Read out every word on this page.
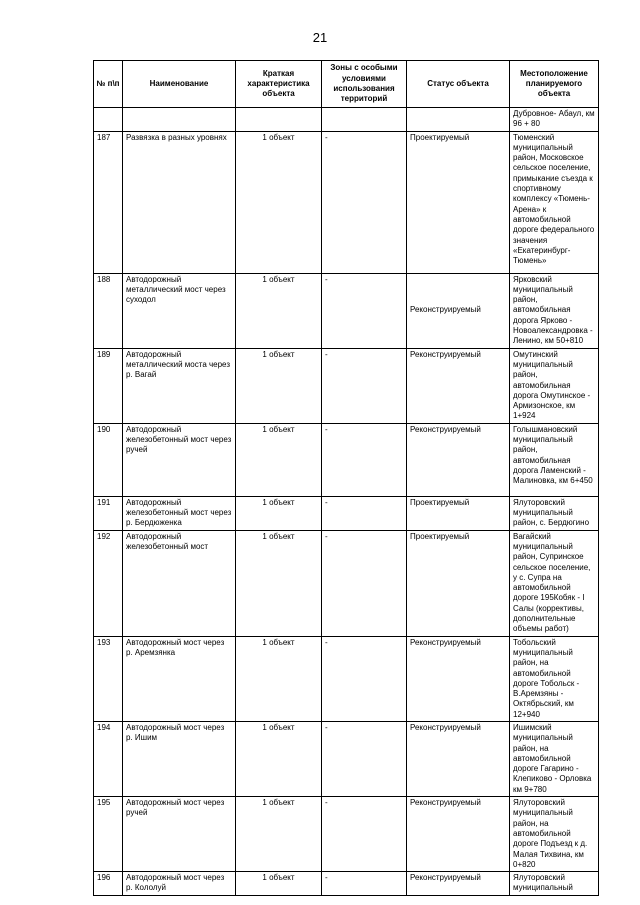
21
№ п\п	Наименование	Краткая характеристика объекта	Зоны с особыми условиями использования территорий	Статус объекта	Местоположение планируемого объекта
					Дубровное- Абаул, км 96 + 80
187	Развязка в разных уровнях	1 объект	-	Проектируемый	Тюменский муниципальный район, Московское сельское поселение, примыкание съезда к спортивному комплексу «Тюмень-Арена» к автомобильной дороге федерального значения «Екатеринбург-Тюмень»
188	Автодорожный металлический мост через суходол	1 объект	-	Реконструируемый	Ярковский муниципальный район, автомобильная дорога Ярково - Новоалександровка - Ленино, км 50+810
189	Автодорожный металлический моста через р. Вагай	1 объект	-	Реконструируемый	Омутинский муниципальный район, автомобильная дорога Омутинское - Армизонское, км 1+924
190	Автодорожный железобетонный мост через ручей	1 объект	-	Реконструируемый	Голышмановский муниципальный район, автомобильная дорога Ламенский - Малиновка, км 6+450
191	Автодорожный железобетонный мост через р. Бердюженка	1 объект	-	Проектируемый	Ялуторовский муниципальный район, с. Бердюгино
192	Автодорожный железобетонный мост	1 объект	-	Проектируемый	Вагайский муниципальный район, Супринское сельское поселение, у с. Супра на автомобильной дороге 195Кобяк - I Салы (коррективы, дополнительные объемы работ)
193	Автодорожный мост через р. Аремзянка	1 объект	-	Реконструируемый	Тобольский муниципальный район, на автомобильной дороге Тобольск - В.Аремзяны - Октябрьский, км 12+940
194	Автодорожный мост через р. Ишим	1 объект	-	Реконструируемый	Ишимский муниципальный район, на автомобильной дороге Гагарино - Клепиково - Орловка км 9+780
195	Автодорожный мост через ручей	1 объект	-	Реконструируемый	Ялуторовский муниципальный район, на автомобильной дороге Подъезд к д. Малая Тихвина, км 0+820
196	Автодорожный мост через р. Кололуй	1 объект	-	Реконструируемый	Ялуторовский муниципальный
